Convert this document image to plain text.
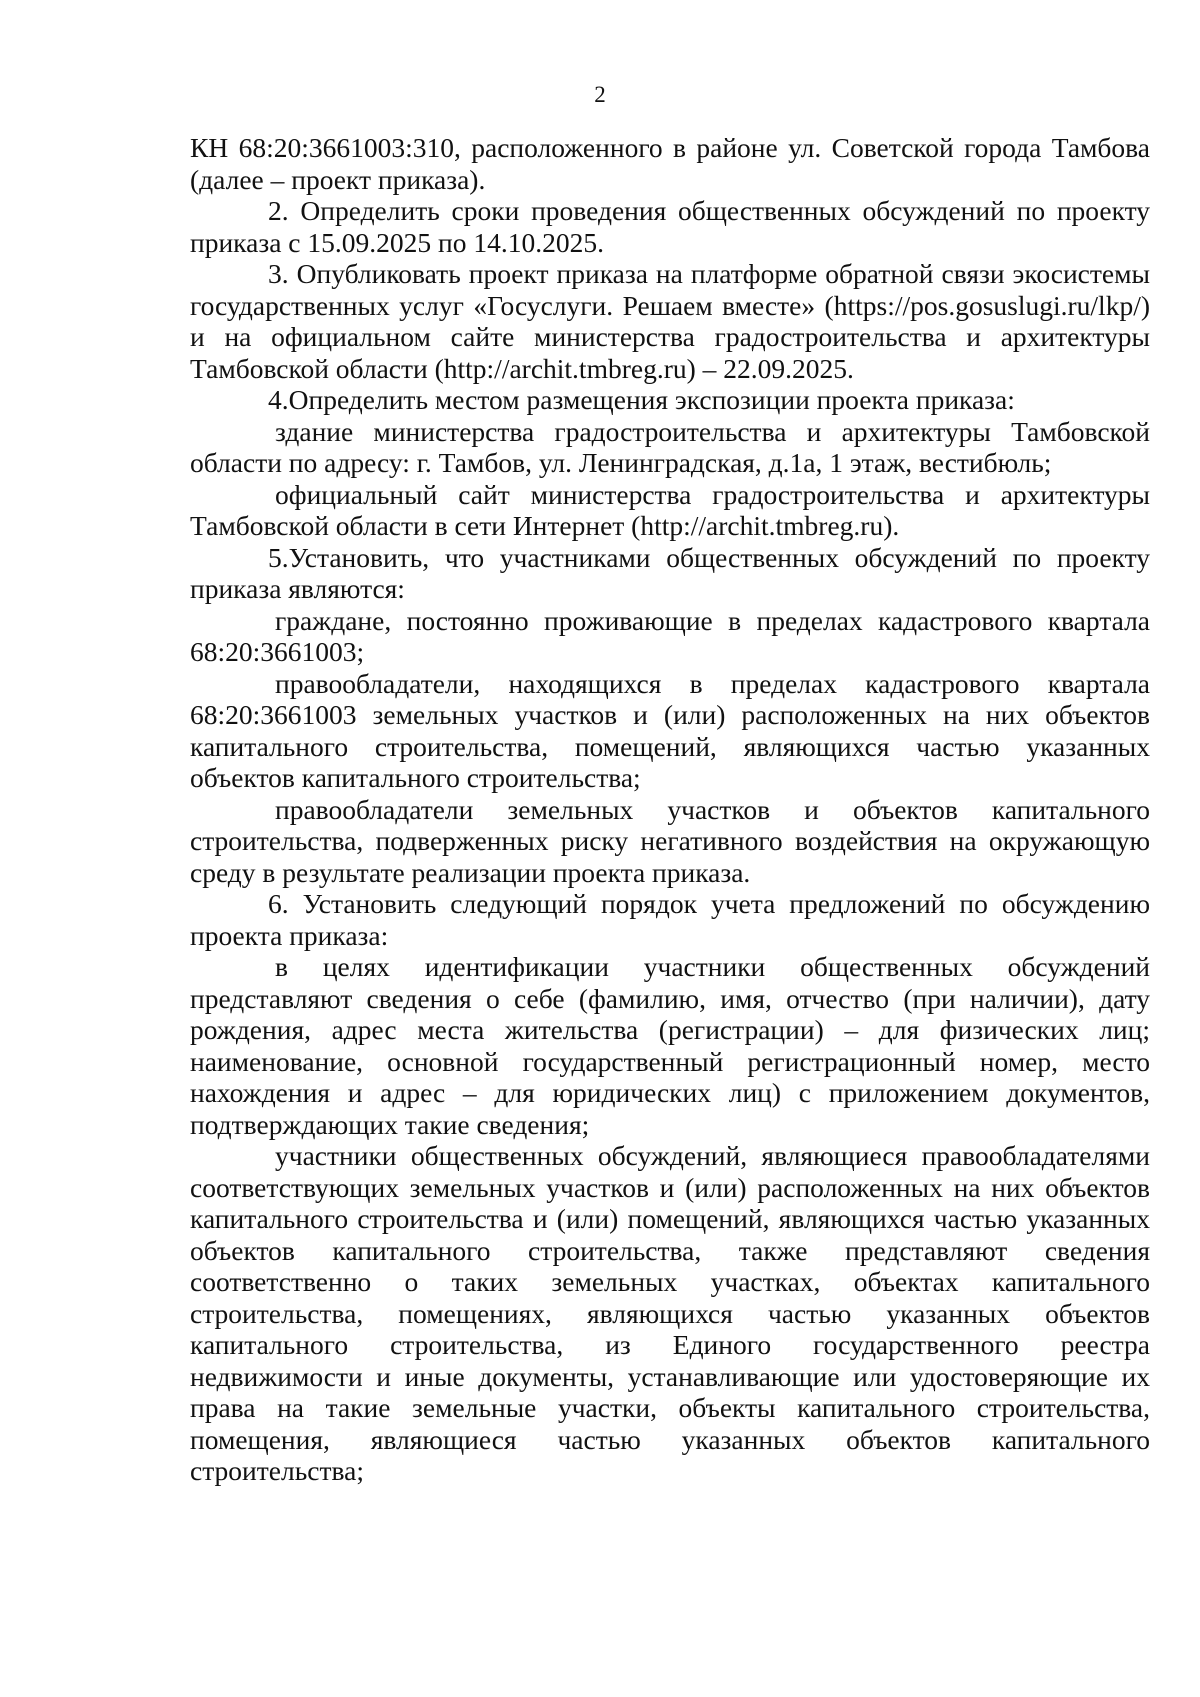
2

КН 68:20:3661003:310, расположенного в районе ул. Советской города Тамбова (далее – проект приказа).

2. Определить сроки проведения общественных обсуждений по проекту приказа с 15.09.2025 по 14.10.2025.

3. Опубликовать проект приказа на платформе обратной связи экосистемы государственных услуг «Госуслуги. Решаем вместе» (https://pos.gosuslugi.ru/lkp/) и на официальном сайте министерства градостроительства и архитектуры Тамбовской области (http://archit.tmbreg.ru) – 22.09.2025.

4.Определить местом размещения экспозиции проекта приказа:

здание министерства градостроительства и архитектуры Тамбовской области по адресу: г. Тамбов, ул. Ленинградская, д.1а, 1 этаж, вестибюль;

официальный сайт министерства градостроительства и архитектуры Тамбовской области в сети Интернет (http://archit.tmbreg.ru).

5.Установить, что участниками общественных обсуждений по проекту приказа являются:

граждане, постоянно проживающие в пределах кадастрового квартала 68:20:3661003;

правообладатели, находящихся в пределах кадастрового квартала 68:20:3661003 земельных участков и (или) расположенных на них объектов капитального строительства, помещений, являющихся частью указанных объектов капитального строительства;

правообладатели земельных участков и объектов капитального строительства, подверженных риску негативного воздействия на окружающую среду в результате реализации проекта приказа.

6. Установить следующий порядок учета предложений по обсуждению проекта приказа:

в целях идентификации участники общественных обсуждений представляют сведения о себе (фамилию, имя, отчество (при наличии), дату рождения, адрес места жительства (регистрации) – для физических лиц; наименование, основной государственный регистрационный номер, место нахождения и адрес – для юридических лиц) с приложением документов, подтверждающих такие сведения;

участники общественных обсуждений, являющиеся правообладателями соответствующих земельных участков и (или) расположенных на них объектов капитального строительства и (или) помещений, являющихся частью указанных объектов капитального строительства, также представляют сведения соответственно о таких земельных участках, объектах капитального строительства, помещениях, являющихся частью указанных объектов капитального строительства, из Единого государственного реестра недвижимости и иные документы, устанавливающие или удостоверяющие их права на такие земельные участки, объекты капитального строительства, помещения, являющиеся частью указанных объектов капитального строительства;
